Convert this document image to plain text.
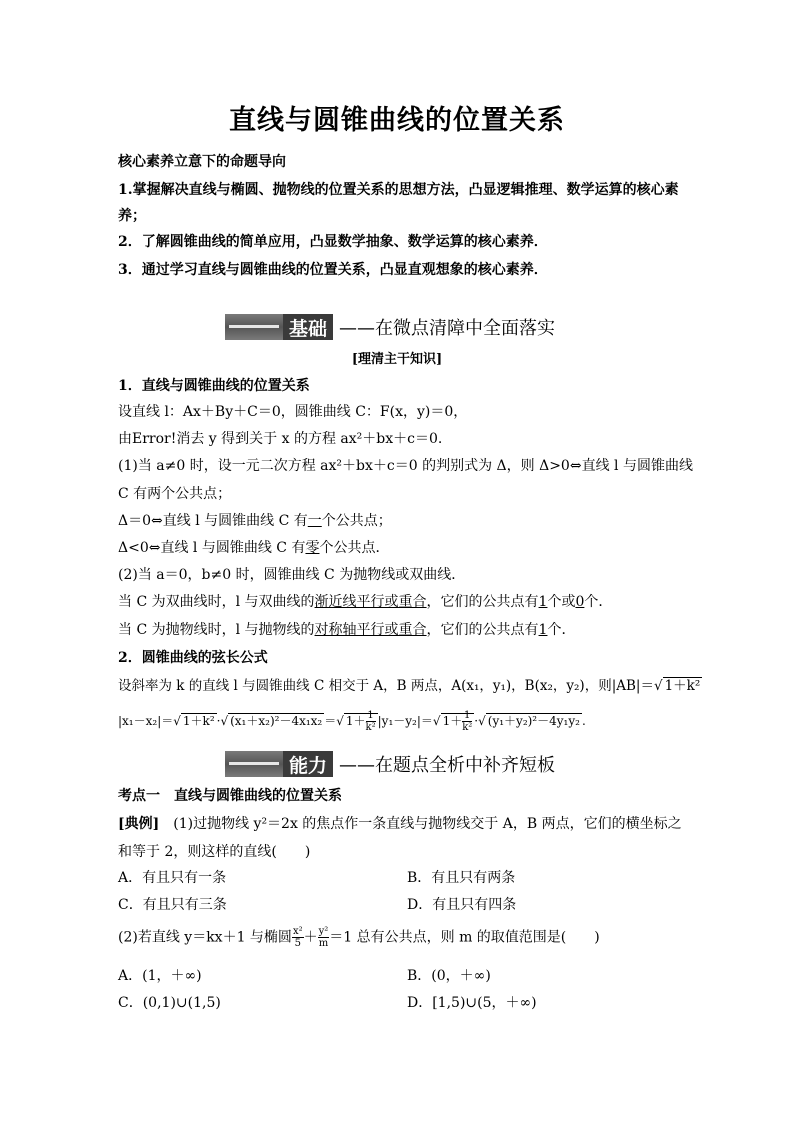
直线与圆锥曲线的位置关系
核心素养立意下的命题导向
1.掌握解决直线与椭圆、抛物线的位置关系的思想方法，凸显逻辑推理、数学运算的核心素
养；
2．了解圆锥曲线的简单应用，凸显数学抽象、数学运算的核心素养．
3．通过学习直线与圆锥曲线的位置关系，凸显直观想象的核心素养．
基础 ——在微点清障中全面落实
[理清主干知识]
1．直线与圆锥曲线的位置关系
设直线 l：Ax＋By＋C＝0，圆锥曲线 C：F(x，y)＝0，
由Error!消去 y 得到关于 x 的方程 ax²＋bx＋c＝0.
(1)当 a≠0 时，设一元二次方程 ax²＋bx＋c＝0 的判别式为 Δ，则 Δ>0⇔直线 l 与圆锥曲线
C 有两个公共点；
Δ＝0⇔直线 l 与圆锥曲线 C 有一个公共点；
Δ<0⇔直线 l 与圆锥曲线 C 有零个公共点．
(2)当 a＝0，b≠0 时，圆锥曲线 C 为抛物线或双曲线．
当 C 为双曲线时，l 与双曲线的渐近线平行或重合，它们的公共点有1个或0个．
当 C 为抛物线时，l 与抛物线的对称轴平行或重合，它们的公共点有1个．
2．圆锥曲线的弦长公式
设斜率为 k 的直线 l 与圆锥曲线 C 相交于 A，B 两点，A(x₁，y₁)，B(x₂，y₂)，则|AB|＝√ 1＋k²
|x₁－x₂|＝√ 1＋k² ·√ (x₁＋x₂)²－4x₁x₂ ＝√ $1+ \frac{1}{\text{k²}} |y_1-y_2|=√$ $1+ \frac{1}{\text{k²}}$ ·√ (y₁＋y₂)²－4y₁y₂ .
能力 ——在题点全析中补齐短板
考点一　直线与圆锥曲线的位置关系
[典例]　(1)过抛物线 y²＝2x 的焦点作一条直线与抛物线交于 A，B 两点，它们的横坐标之
和等于 2，则这样的直线(　　)
A．有且只有一条	B．有且只有两条
C．有且只有三条	D．有且只有四条
(2)若直线 y＝kx＋1 与椭圆 $\frac{\text{x²}}{5} + \frac{\text{y²}}{m} =1$ 总有公共点，则 m 的取值范围是(　　)
A．(1，＋∞)	B．(0，＋∞)
C．(0,1)∪(1,5)	D．[1,5)∪(5，＋∞)
